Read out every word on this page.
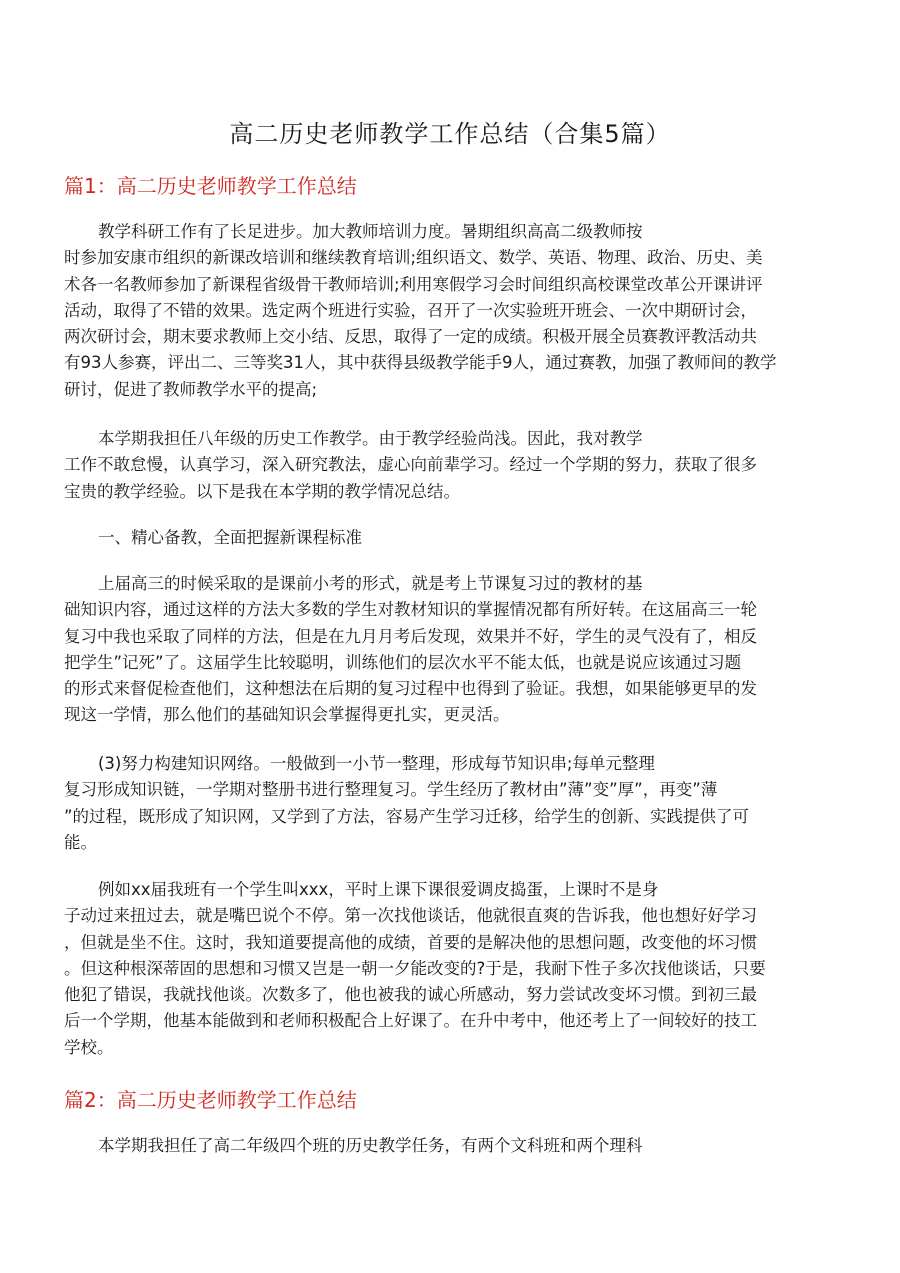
高二历史老师教学工作总结（合集5篇）
篇1：高二历史老师教学工作总结
教学科研工作有了长足进步。加大教师培训力度。暑期组织高高二级教师按
时参加安康市组织的新课改培训和继续教育培训;组织语文、数学、英语、物理、政治、历史、美
术各一名教师参加了新课程省级骨干教师培训;利用寒假学习会时间组织高校课堂改革公开课讲评
活动，取得了不错的效果。选定两个班进行实验，召开了一次实验班开班会、一次中期研讨会，
两次研讨会，期末要求教师上交小结、反思，取得了一定的成绩。积极开展全员赛教评教活动共
有93人参赛，评出二、三等奖31人，其中获得县级教学能手9人，通过赛教，加强了教师间的教学
研讨，促进了教师教学水平的提高;
本学期我担任八年级的历史工作教学。由于教学经验尚浅。因此，我对教学
工作不敢怠慢，认真学习，深入研究教法，虚心向前辈学习。经过一个学期的努力，获取了很多
宝贵的教学经验。以下是我在本学期的教学情况总结。
一、精心备教，全面把握新课程标准
上届高三的时候采取的是课前小考的形式，就是考上节课复习过的教材的基
础知识内容，通过这样的方法大多数的学生对教材知识的掌握情况都有所好转。在这届高三一轮
复习中我也采取了同样的方法，但是在九月月考后发现，效果并不好，学生的灵气没有了，相反
把学生”记死”了。这届学生比较聪明，训练他们的层次水平不能太低，也就是说应该通过习题
的形式来督促检查他们，这种想法在后期的复习过程中也得到了验证。我想，如果能够更早的发
现这一学情，那么他们的基础知识会掌握得更扎实，更灵活。
(3)努力构建知识网络。一般做到一小节一整理，形成每节知识串;每单元整理
复习形成知识链，一学期对整册书进行整理复习。学生经历了教材由”薄”变”厚”，再变”薄
”的过程，既形成了知识网，又学到了方法，容易产生学习迁移，给学生的创新、实践提供了可
能。
例如xx届我班有一个学生叫xxx，平时上课下课很爱调皮捣蛋，上课时不是身
子动过来扭过去，就是嘴巴说个不停。第一次找他谈话，他就很直爽的告诉我，他也想好好学习
，但就是坐不住。这时，我知道要提高他的成绩，首要的是解决他的思想问题，改变他的坏习惯
。但这种根深蒂固的思想和习惯又岂是一朝一夕能改变的?于是，我耐下性子多次找他谈话，只要
他犯了错误，我就找他谈。次数多了，他也被我的诚心所感动，努力尝试改变坏习惯。到初三最
后一个学期，他基本能做到和老师积极配合上好课了。在升中考中，他还考上了一间较好的技工
学校。
篇2：高二历史老师教学工作总结
本学期我担任了高二年级四个班的历史教学任务，有两个文科班和两个理科
